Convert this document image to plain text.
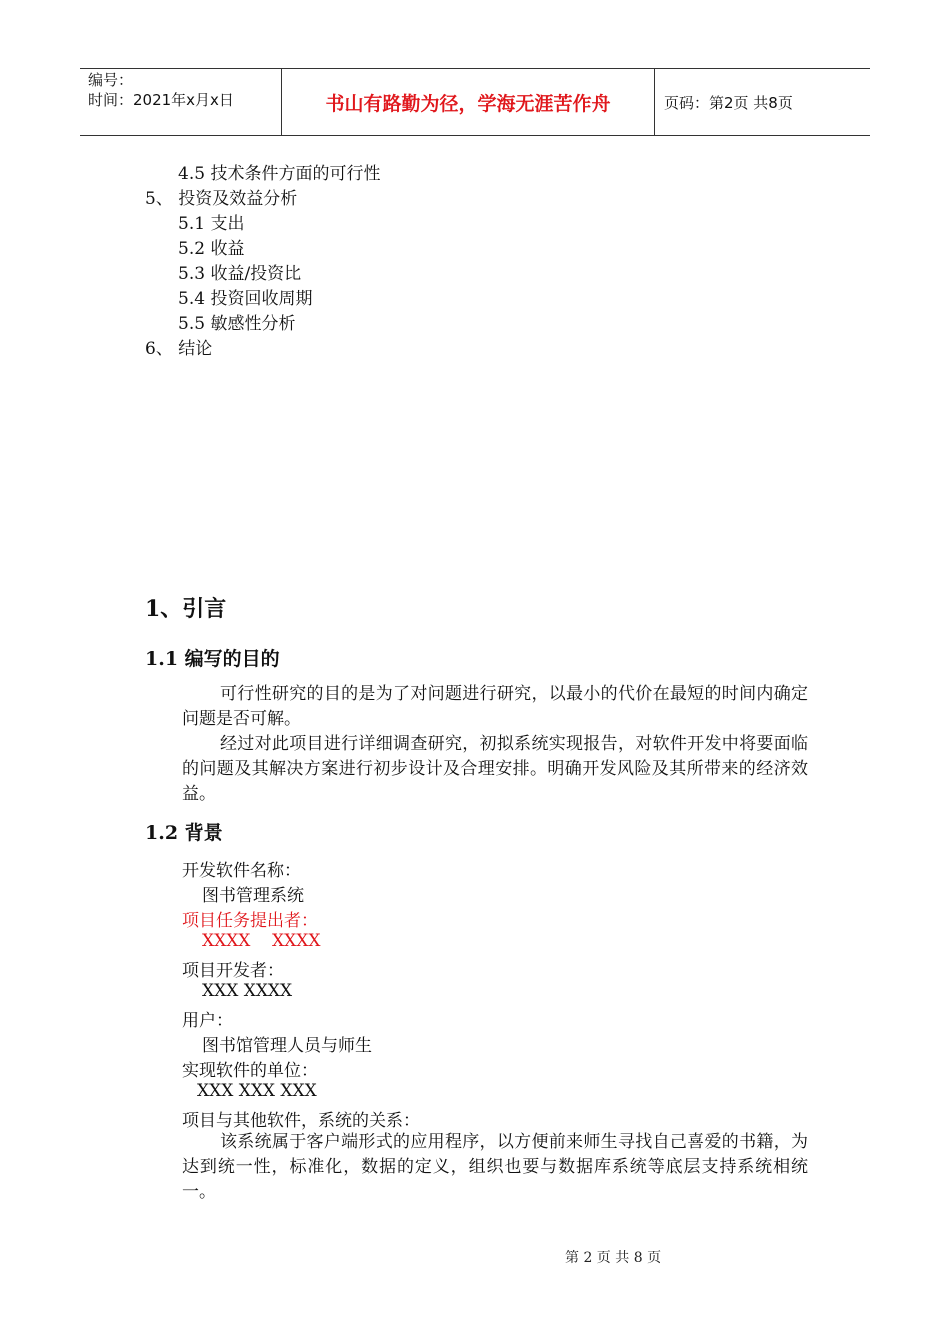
编号：
时间：2021年x月x日	书山有路勤为径，学海无涯苦作舟	页码：第2页 共8页
4.5 技术条件方面的可行性
5、 投资及效益分析
5.1 支出
5.2 收益
5.3 收益/投资比
5.4 投资回收周期
5.5 敏感性分析
6、 结论
1、引言
1.1 编写的目的
可行性研究的目的是为了对问题进行研究，以最小的代价在最短的时间内确定问题是否可解。
经过对此项目进行详细调查研究，初拟系统实现报告，对软件开发中将要面临的问题及其解决方案进行初步设计及合理安排。明确开发风险及其所带来的经济效益。
1.2 背景
开发软件名称：
图书管理系统
项目任务提出者：
XXXX    XXXX
项目开发者：
XXX XXXX
用户：
图书馆管理人员与师生
实现软件的单位：
XXX XXX XXX
项目与其他软件，系统的关系：
该系统属于客户端形式的应用程序，以方便前来师生寻找自己喜爱的书籍，为达到统一性，标准化，数据的定义，组织也要与数据库系统等底层支持系统相统一。
第 2 页 共 8 页
